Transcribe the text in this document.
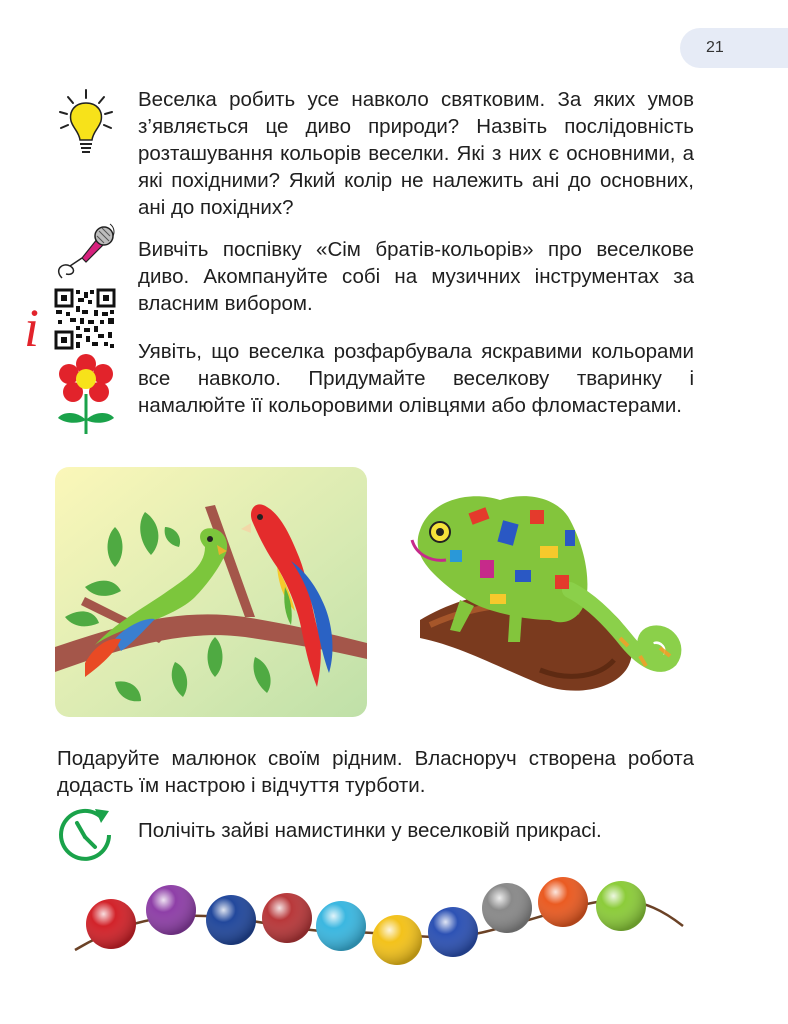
21
i
Веселка робить усе навколо святковим. За яких умов з’являється це диво природи? Назвіть послідовність розташування кольорів веселки. Які з них є основними, а які похідними? Який колір не належить ані до основних, ані до похідних?
Вивчіть поспівку «Сім братів-кольорів» про веселкове диво. Акомпануйте собі на музичних інструментах за власним вибором.
Уявіть, що веселка розфарбувала яскравими кольорами все навколо. Придумайте веселкову тваринку і намалюйте її кольоровими олівцями або фломастерами.
Подаруйте малюнок своїм рідним. Власноруч створена робота додасть їм настрою і відчуття турботи.
Полічіть зайві намистинки у веселковій прикрасі.
